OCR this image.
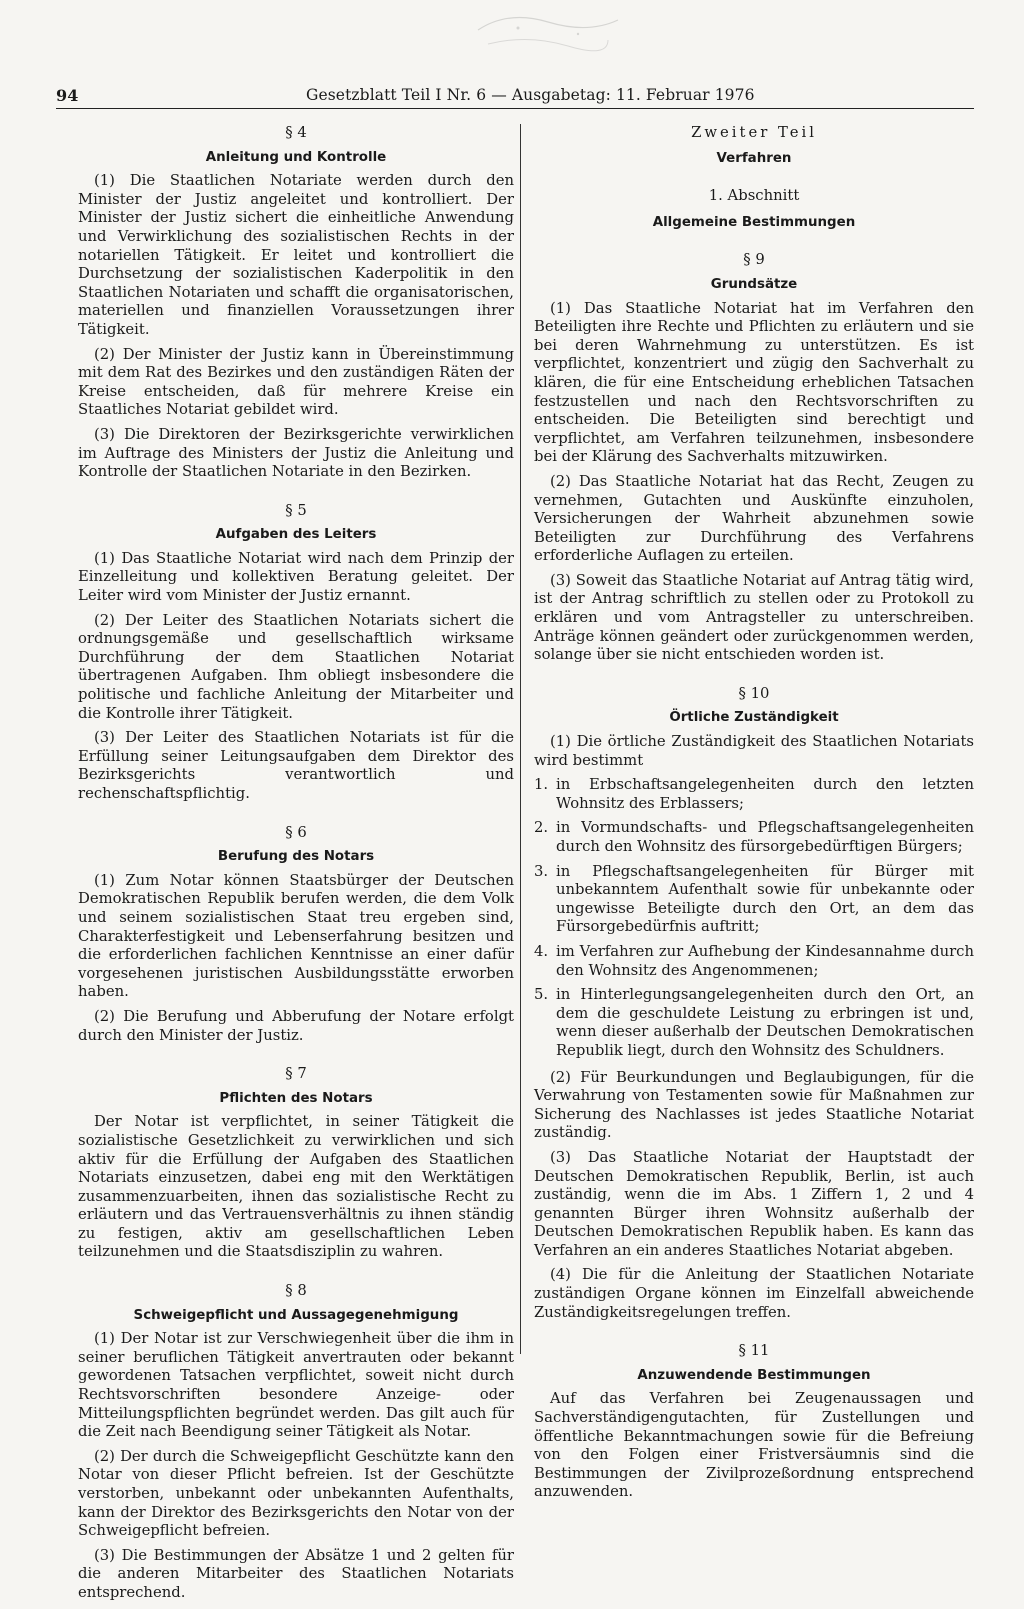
94	Gesetzblatt Teil I Nr. 6 — Ausgabetag: 11. Februar 1976

§ 4

Anleitung und Kontrolle

(1) Die Staatlichen Notariate werden durch den Minister der Justiz angeleitet und kontrolliert. Der Minister der Justiz sichert die einheitliche Anwendung und Verwirklichung des sozialistischen Rechts in der notariellen Tätigkeit. Er leitet und kontrolliert die Durchsetzung der sozialistischen Kaderpolitik in den Staatlichen Notariaten und schafft die organisatorischen, materiellen und finanziellen Voraussetzungen ihrer Tätigkeit.

(2) Der Minister der Justiz kann in Übereinstimmung mit dem Rat des Bezirkes und den zuständigen Räten der Kreise entscheiden, daß für mehrere Kreise ein Staatliches Notariat gebildet wird.

(3) Die Direktoren der Bezirksgerichte verwirklichen im Auftrage des Ministers der Justiz die Anleitung und Kontrolle der Staatlichen Notariate in den Bezirken.

§ 5

Aufgaben des Leiters

(1) Das Staatliche Notariat wird nach dem Prinzip der Einzelleitung und kollektiven Beratung geleitet. Der Leiter wird vom Minister der Justiz ernannt.

(2) Der Leiter des Staatlichen Notariats sichert die ordnungsgemäße und gesellschaftlich wirksame Durchführung der dem Staatlichen Notariat übertragenen Aufgaben. Ihm obliegt insbesondere die politische und fachliche Anleitung der Mitarbeiter und die Kontrolle ihrer Tätigkeit.

(3) Der Leiter des Staatlichen Notariats ist für die Erfüllung seiner Leitungsaufgaben dem Direktor des Bezirksgerichts verantwortlich und rechenschaftspflichtig.

§ 6

Berufung des Notars

(1) Zum Notar können Staatsbürger der Deutschen Demokratischen Republik berufen werden, die dem Volk und seinem sozialistischen Staat treu ergeben sind, Charakterfestigkeit und Lebenserfahrung besitzen und die erforderlichen fachlichen Kenntnisse an einer dafür vorgesehenen juristischen Ausbildungsstätte erworben haben.

(2) Die Berufung und Abberufung der Notare erfolgt durch den Minister der Justiz.

§ 7

Pflichten des Notars

Der Notar ist verpflichtet, in seiner Tätigkeit die sozialistische Gesetzlichkeit zu verwirklichen und sich aktiv für die Erfüllung der Aufgaben des Staatlichen Notariats einzusetzen, dabei eng mit den Werktätigen zusammenzuarbeiten, ihnen das sozialistische Recht zu erläutern und das Vertrauensverhältnis zu ihnen ständig zu festigen, aktiv am gesellschaftlichen Leben teilzunehmen und die Staatsdisziplin zu wahren.

§ 8

Schweigepflicht und Aussagegenehmigung

(1) Der Notar ist zur Verschwiegenheit über die ihm in seiner beruflichen Tätigkeit anvertrauten oder bekannt gewordenen Tatsachen verpflichtet, soweit nicht durch Rechtsvorschriften besondere Anzeige- oder Mitteilungspflichten begründet werden. Das gilt auch für die Zeit nach Beendigung seiner Tätigkeit als Notar.

(2) Der durch die Schweigepflicht Geschützte kann den Notar von dieser Pflicht befreien. Ist der Geschützte verstorben, unbekannt oder unbekannten Aufenthalts, kann der Direktor des Bezirksgerichts den Notar von der Schweigepflicht befreien.

(3) Die Bestimmungen der Absätze 1 und 2 gelten für die anderen Mitarbeiter des Staatlichen Notariats entsprechend.

Zweiter Teil

Verfahren

1. Abschnitt

Allgemeine Bestimmungen

§ 9

Grundsätze

(1) Das Staatliche Notariat hat im Verfahren den Beteiligten ihre Rechte und Pflichten zu erläutern und sie bei deren Wahrnehmung zu unterstützen. Es ist verpflichtet, konzentriert und zügig den Sachverhalt zu klären, die für eine Entscheidung erheblichen Tatsachen festzustellen und nach den Rechtsvorschriften zu entscheiden. Die Beteiligten sind berechtigt und verpflichtet, am Verfahren teilzunehmen, insbesondere bei der Klärung des Sachverhalts mitzuwirken.

(2) Das Staatliche Notariat hat das Recht, Zeugen zu vernehmen, Gutachten und Auskünfte einzuholen, Versicherungen der Wahrheit abzunehmen sowie Beteiligten zur Durchführung des Verfahrens erforderliche Auflagen zu erteilen.

(3) Soweit das Staatliche Notariat auf Antrag tätig wird, ist der Antrag schriftlich zu stellen oder zu Protokoll zu erklären und vom Antragsteller zu unterschreiben. Anträge können geändert oder zurückgenommen werden, solange über sie nicht entschieden worden ist.

§ 10

Örtliche Zuständigkeit

(1) Die örtliche Zuständigkeit des Staatlichen Notariats wird bestimmt

1. in Erbschaftsangelegenheiten durch den letzten Wohnsitz des Erblassers;
2. in Vormundschafts- und Pflegschaftsangelegenheiten durch den Wohnsitz des fürsorgebedürftigen Bürgers;
3. in Pflegschaftsangelegenheiten für Bürger mit unbekanntem Aufenthalt sowie für unbekannte oder ungewisse Beteiligte durch den Ort, an dem das Fürsorgebedürfnis auftritt;
4. im Verfahren zur Aufhebung der Kindesannahme durch den Wohnsitz des Angenommenen;
5. in Hinterlegungsangelegenheiten durch den Ort, an dem die geschuldete Leistung zu erbringen ist und, wenn dieser außerhalb der Deutschen Demokratischen Republik liegt, durch den Wohnsitz des Schuldners.

(2) Für Beurkundungen und Beglaubigungen, für die Verwahrung von Testamenten sowie für Maßnahmen zur Sicherung des Nachlasses ist jedes Staatliche Notariat zuständig.

(3) Das Staatliche Notariat der Hauptstadt der Deutschen Demokratischen Republik, Berlin, ist auch zuständig, wenn die im Abs. 1 Ziffern 1, 2 und 4 genannten Bürger ihren Wohnsitz außerhalb der Deutschen Demokratischen Republik haben. Es kann das Verfahren an ein anderes Staatliches Notariat abgeben.

(4) Die für die Anleitung der Staatlichen Notariate zuständigen Organe können im Einzelfall abweichende Zuständigkeitsregelungen treffen.

§ 11

Anzuwendende Bestimmungen

Auf das Verfahren bei Zeugenaussagen und Sachverständigengutachten, für Zustellungen und öffentliche Bekanntmachungen sowie für die Befreiung von den Folgen einer Fristversäumnis sind die Bestimmungen der Zivilprozeßordnung entsprechend anzuwenden.
